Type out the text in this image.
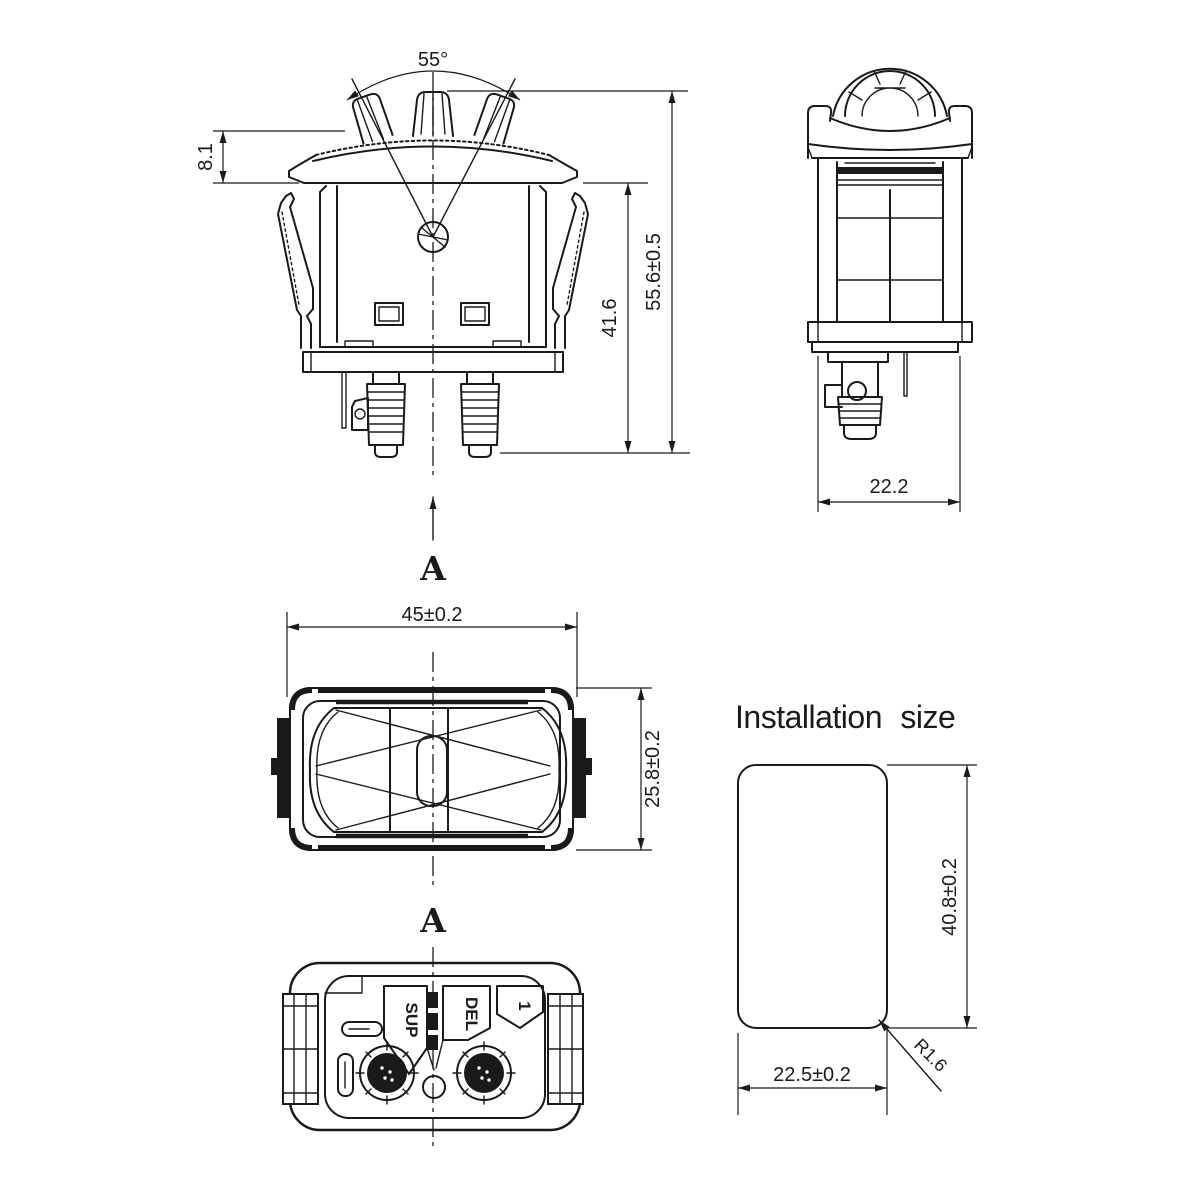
55°
8.1
41.6
55.6±0.5
A
22.2
45±0.2
25.8±0.2
A
SUP DEL 1
Installation size
40.8±0.2
22.5±0.2	R1.6
